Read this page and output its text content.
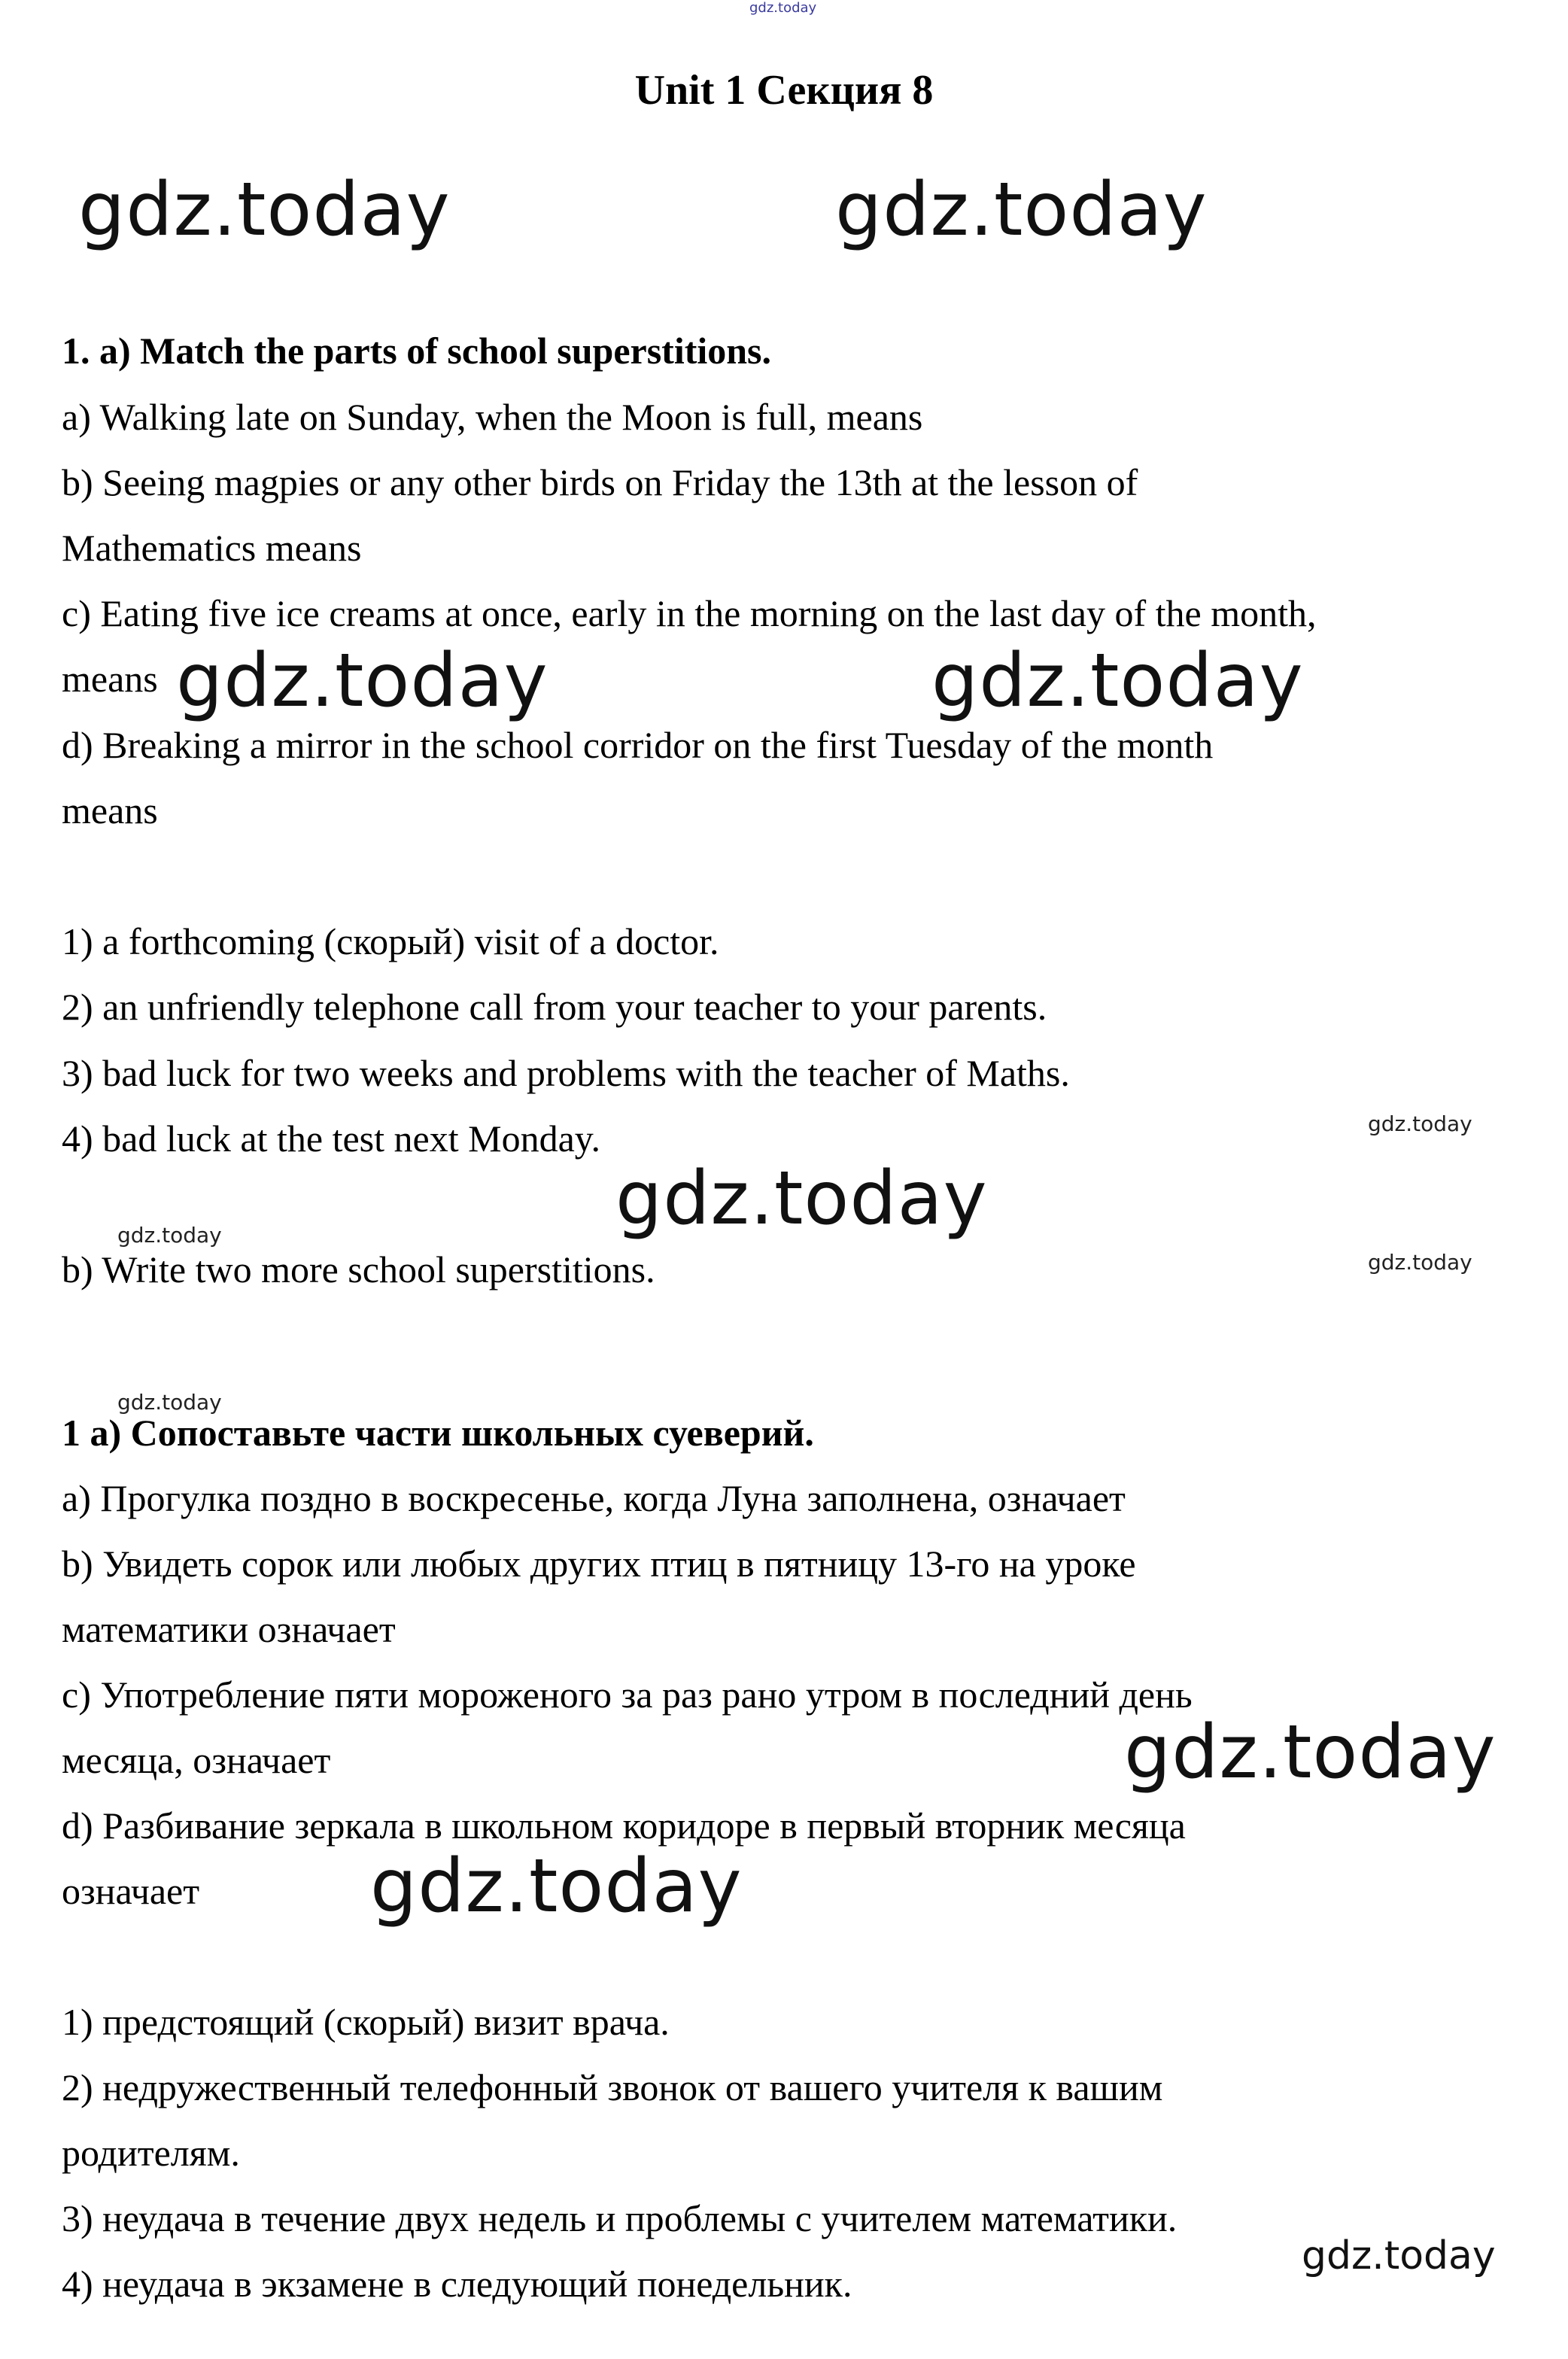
gdz.today
Unit 1 Секция 8
gdz.today	gdz.today
1. a) Match the parts of school superstitions.
a) Walking late on Sunday, when the Moon is full, means
b) Seeing magpies or any other birds on Friday the 13th at the lesson of
Mathematics means
c) Eating five ice creams at once, early in the morning on the last day of the month,
means gdz.today	gdz.today
d) Breaking a mirror in the school corridor on the first Tuesday of the month
means
1) a forthcoming (скорый) visit of a doctor.
2) an unfriendly telephone call from your teacher to your parents.
3) bad luck for two weeks and problems with the teacher of Maths.
4) bad luck at the test next Monday.	gdz.today
gdz.today
gdz.today
b) Write two more school superstitions.	gdz.today
gdz.today
1 а) Сопоставьте части школьных суеверий.
а) Прогулка поздно в воскресенье, когда Луна заполнена, означает
b) Увидеть сорок или любых других птиц в пятницу 13-го на уроке
математики означает
с) Употребление пяти мороженого за раз рано утром в последний день
месяца, означает	gdz.today
d) Разбивание зеркала в школьном коридоре в первый вторник месяца
означает gdz.today
1) предстоящий (скорый) визит врача.
2) недружественный телефонный звонок от вашего учителя к вашим
родителям.
3) неудача в течение двух недель и проблемы с учителем математики.
gdz.today
4) неудача в экзамене в следующий понедельник.
